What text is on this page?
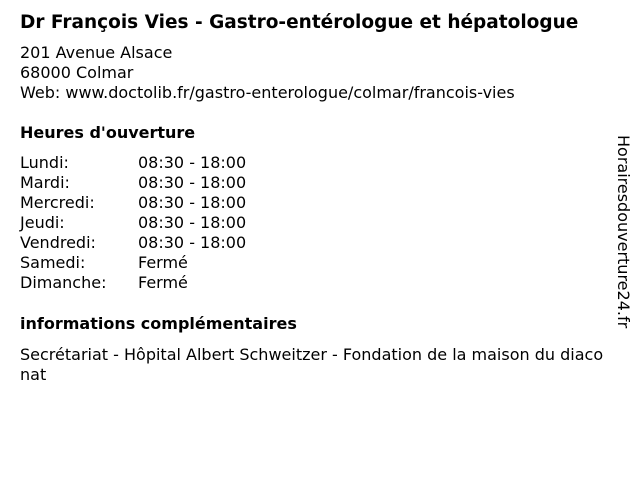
Dr François Vies - Gastro-entérologue et hépatologue
201 Avenue Alsace
68000 Colmar
Web: www.doctolib.fr/gastro-enterologue/colmar/francois-vies
Heures d'ouverture
Lundi:	08:30 - 18:00
Mardi:	08:30 - 18:00
Mercredi:	08:30 - 18:00
Jeudi:	08:30 - 18:00
Vendredi:	08:30 - 18:00
Samedi:	Fermé
Dimanche:	Fermé
informations complémentaires
Secrétariat - Hôpital Albert Schweitzer - Fondation de la maison du diaconat
Horairesdouverture24.fr
